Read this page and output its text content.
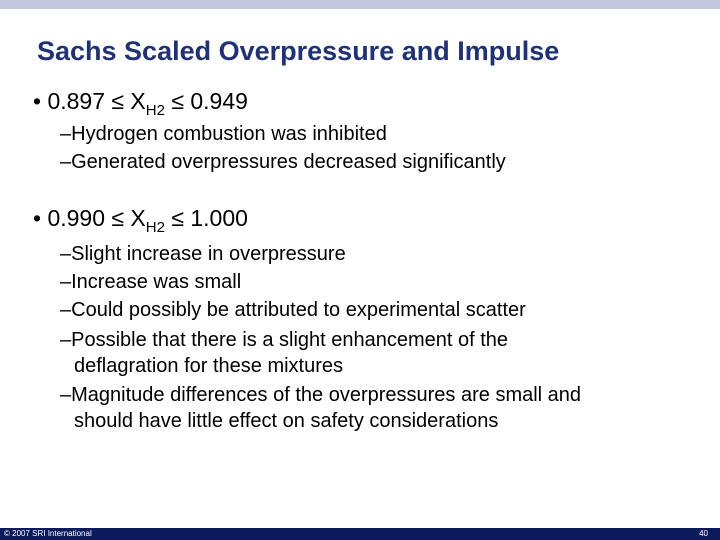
Sachs Scaled Overpressure and Impulse
• $0.897 \le X_{H2} \le 0.949$
–Hydrogen combustion was inhibited
–Generated overpressures decreased significantly
• $0.990 \le X_{H2} \le 1.000$
–Slight increase in overpressure
–Increase was small
–Could possibly be attributed to experimental scatter
–Possible that there is a slight enhancement of the
deflagration for these mixtures
–Magnitude differences of the overpressures are small and
should have little effect on safety considerations
© 2007 SRI International	40
